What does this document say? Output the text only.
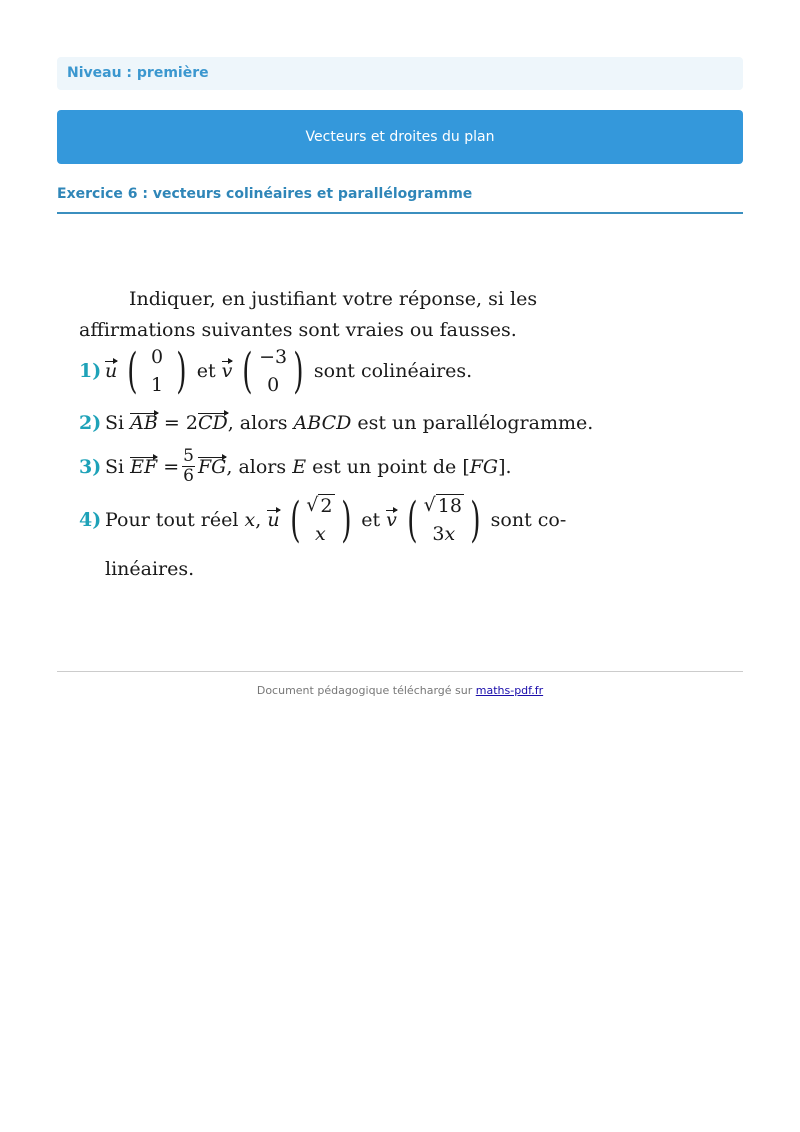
Niveau : première
Vecteurs et droites du plan
Exercice 6 : vecteurs colinéaires et parallélogramme

Indiquer, en justifiant votre réponse, si les affirmations suivantes sont vraies ou fausses.

1) u ( 0
1 ) et
v ( −3
0 ) sont colinéaires.
2) Si
AB
= 2 CD , alors
ABCD
est un parallélogramme.
3) Si
EF
= $\frac{5}{6}$ FG , alors
E
est un point de [ FG ].
4) Pour tout réel
x ,
u ( √ 2
x ) et
v ( √ 18
3x ) sont co-
linéaires.
Document pédagogique téléchargé sur maths-pdf.fr
